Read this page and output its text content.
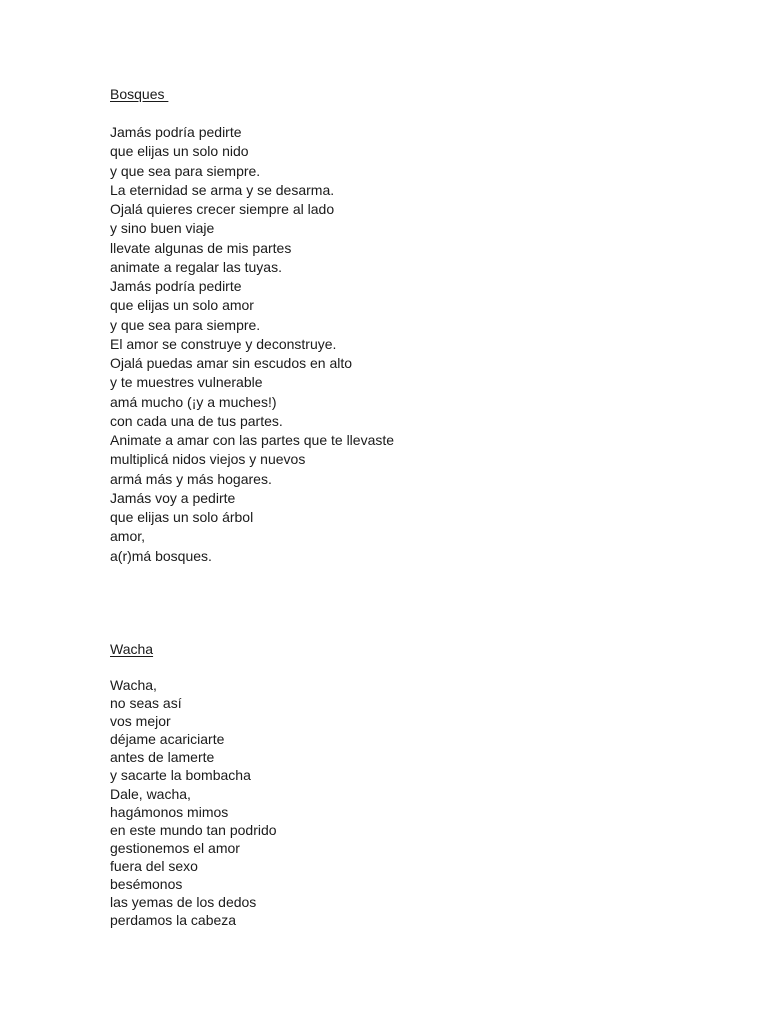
Bosques
Jamás podría pedirte
que elijas un solo nido
y que sea para siempre.
La eternidad se arma y se desarma.
Ojalá quieres crecer siempre al lado
y sino buen viaje
llevate algunas de mis partes
animate a regalar las tuyas.
Jamás podría pedirte
que elijas un solo amor
y que sea para siempre.
El amor se construye y deconstruye.
Ojalá puedas amar sin escudos en alto
y te muestres vulnerable
amá mucho (¡y a muches!)
con cada una de tus partes.
Animate a amar con las partes que te llevaste
multiplicá nidos viejos y nuevos
armá más y más hogares.
Jamás voy a pedirte
que elijas un solo árbol
amor,
a(r)má bosques.
Wacha
Wacha,
no seas así
vos mejor
déjame acariciarte
antes de lamerte
y sacarte la bombacha
Dale, wacha,
hagámonos mimos
en este mundo tan podrido
gestionemos el amor
fuera del sexo
besémonos
las yemas de los dedos
perdamos la cabeza
